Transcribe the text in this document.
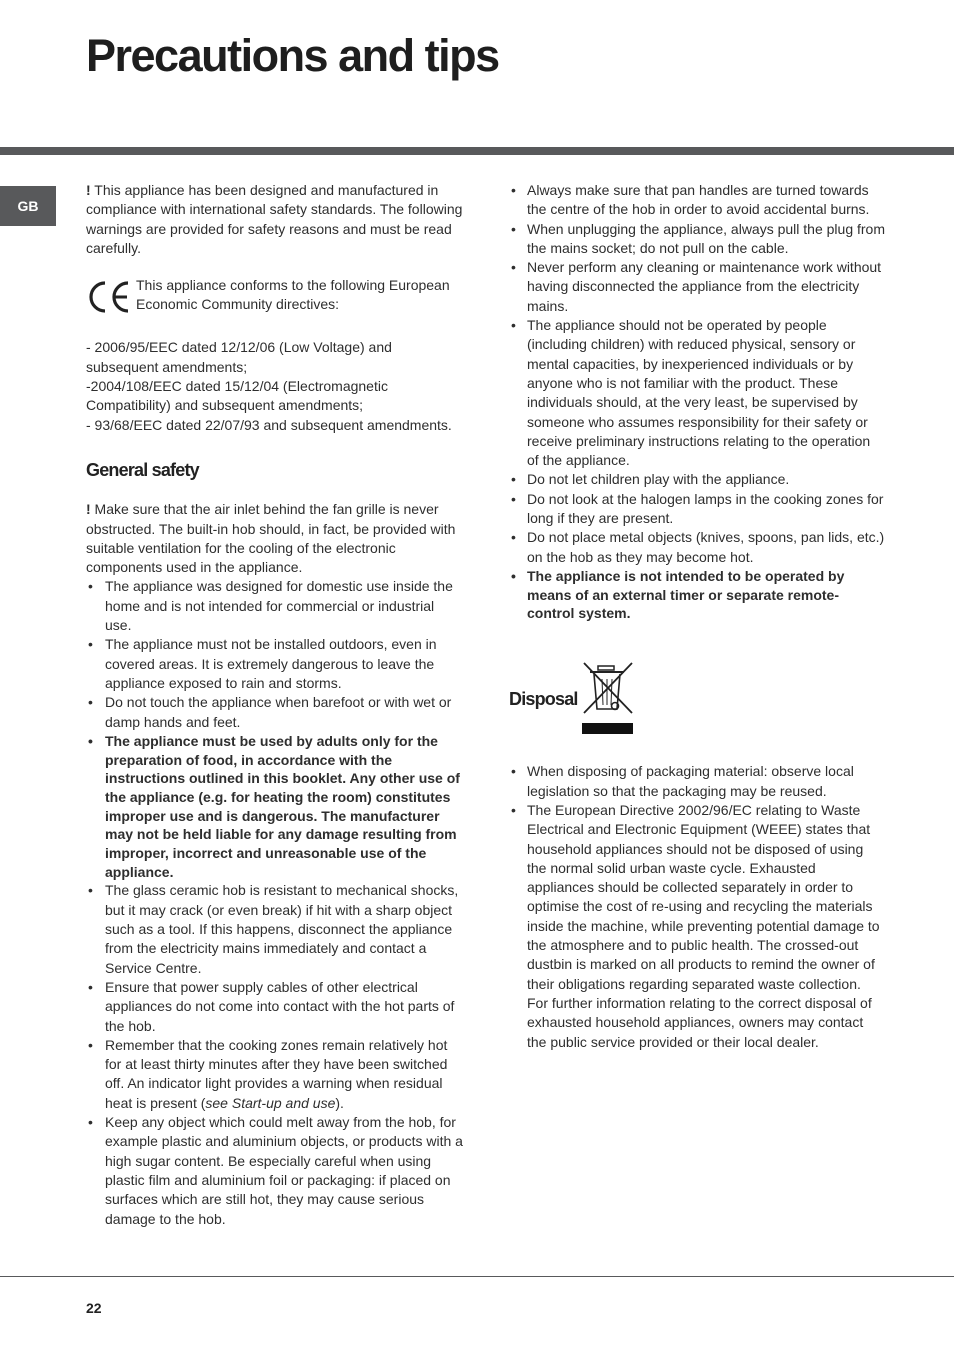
Precautions and tips
GB

! This appliance has been designed and manufactured in compliance with international safety standards. The following warnings are provided for safety reasons and must be read carefully.

This appliance conforms to the following European Economic Community directives:

- 2006/95/EEC dated 12/12/06 (Low Voltage) and subsequent amendments;

-2004/108/EEC dated 15/12/04 (Electromagnetic Compatibility) and subsequent amendments;

- 93/68/EEC dated 22/07/93 and subsequent amendments.

General safety

! Make sure that the air inlet behind the fan grille is never obstructed. The built-in hob should, in fact, be provided with suitable ventilation for the cooling of the electronic components used in the appliance.

• The appliance was designed for domestic use inside the home and is not intended for commercial or industrial use.
• The appliance must not be installed outdoors, even in covered areas. It is extremely dangerous to leave the appliance exposed to rain and storms.
• Do not touch the appliance when barefoot or with wet or damp hands and feet.
• The appliance must be used by adults only for the preparation of food, in accordance with the instructions outlined in this booklet. Any other use of the appliance (e.g. for heating the room) constitutes improper use and is dangerous. The manufacturer may not be held liable for any damage resulting from improper, incorrect and unreasonable use of the appliance.
• The glass ceramic hob is resistant to mechanical shocks, but it may crack (or even break) if hit with a sharp object such as a tool. If this happens, disconnect the appliance from the electricity mains immediately and contact a Service Centre.
• Ensure that power supply cables of other electrical appliances do not come into contact with the hot parts of the hob.
• Remember that the cooking zones remain relatively hot for at least thirty minutes after they have been switched off. An indicator light provides a warning when residual heat is present (see Start-up and use).
• Keep any object which could melt away from the hob, for example plastic and aluminium objects, or products with a high sugar content. Be especially careful when using plastic film and aluminium foil or packaging: if placed on surfaces which are still hot, they may cause serious damage to the hob.
• Always make sure that pan handles are turned towards the centre of the hob in order to avoid accidental burns.
• When unplugging the appliance, always pull the plug from the mains socket; do not pull on the cable.
• Never perform any cleaning or maintenance work without having disconnected the appliance from the electricity mains.
• The appliance should not be operated by people (including children) with reduced physical, sensory or mental capacities, by inexperienced individuals or by anyone who is not familiar with the product. These individuals should, at the very least, be supervised by someone who assumes responsibility for their safety or receive preliminary instructions relating to the operation of the appliance.
• Do not let children play with the appliance.
• Do not look at the halogen lamps in the cooking zones for long if they are present.
• Do not place metal objects (knives, spoons, pan lids, etc.) on the hob as they may become hot.
• The appliance is not intended to be operated by means of an external timer or separate remote-control system.
Disposal
• When disposing of packaging material: observe local legislation so that the packaging may be reused.
• The European Directive 2002/96/EC relating to Waste Electrical and Electronic Equipment (WEEE) states that household appliances should not be disposed of using the normal solid urban waste cycle. Exhausted appliances should be collected separately in order to optimise the cost of re-using and recycling the materials inside the machine, while preventing potential damage to the atmosphere and to public health. The crossed-out dustbin is marked on all products to remind the owner of their obligations regarding separated waste collection. For further information relating to the correct disposal of exhausted household appliances, owners may contact the public service provided or their local dealer.
22
